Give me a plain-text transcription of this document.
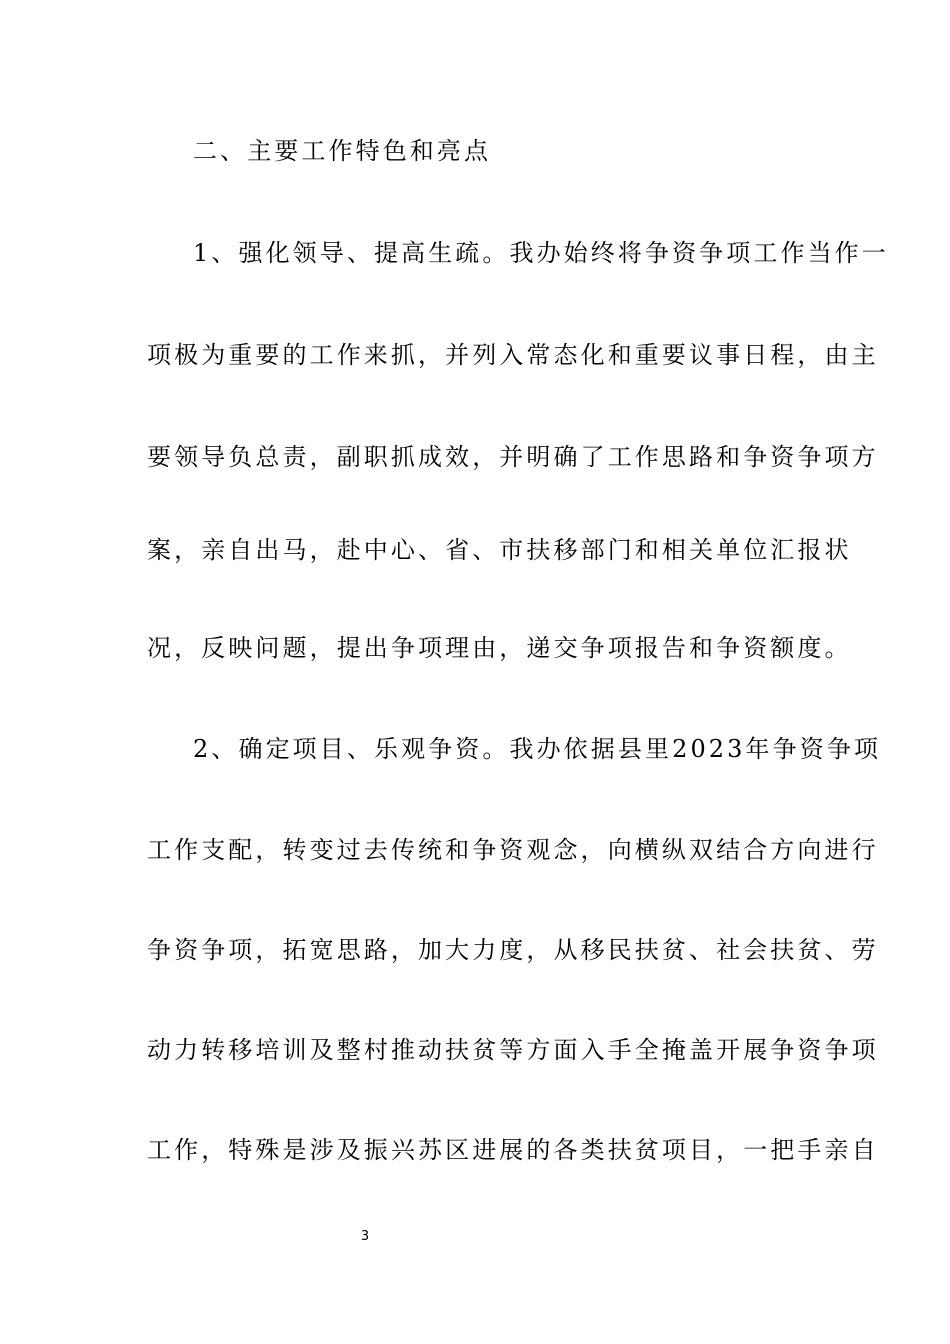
二、主要工作特色和亮点
1、强化领导、提高生疏。我办始终将争资争项工作当作一
项极为重要的工作来抓，并列入常态化和重要议事日程，由主
要领导负总责，副职抓成效，并明确了工作思路和争资争项方
案，亲自出马，赴中心、省、市扶移部门和相关单位汇报状
况，反映问题，提出争项理由，递交争项报告和争资额度。
2、确定项目、乐观争资。我办依据县里2023年争资争项
工作支配，转变过去传统和争资观念，向横纵双结合方向进行
争资争项，拓宽思路，加大力度，从移民扶贫、社会扶贫、劳
动力转移培训及整村推动扶贫等方面入手全掩盖开展争资争项
工作，特殊是涉及振兴苏区进展的各类扶贫项目，一把手亲自
3
